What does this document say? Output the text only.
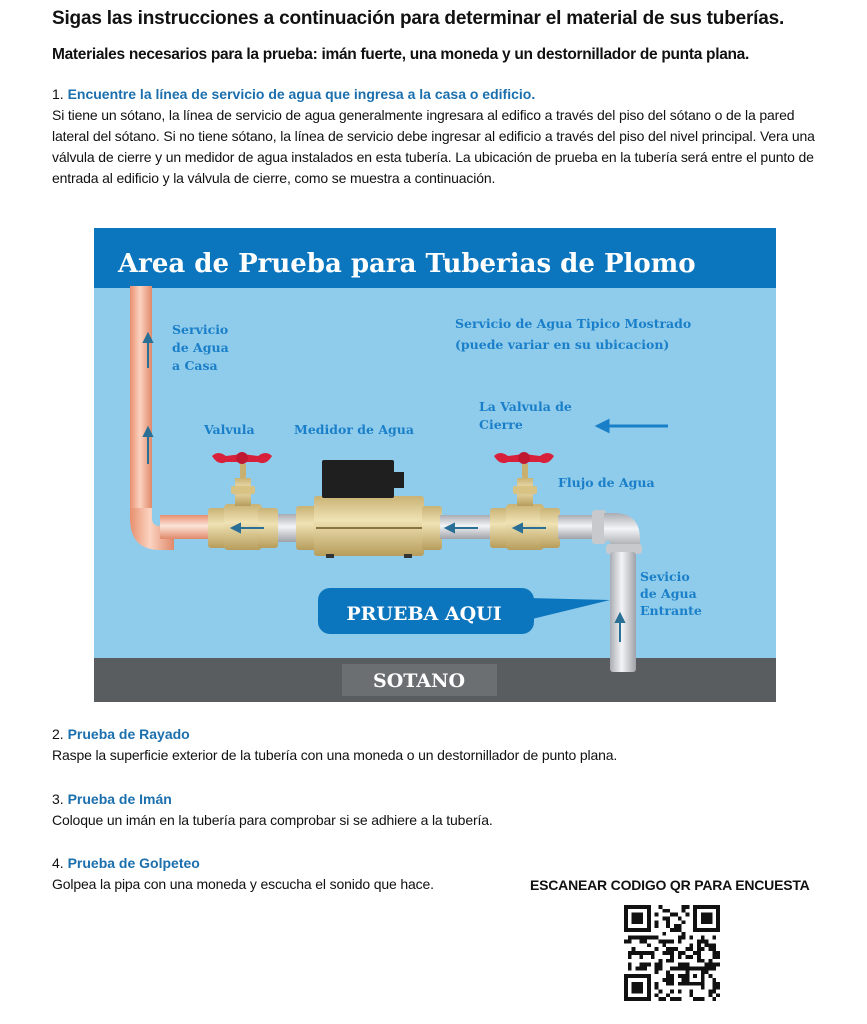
Sigas las instrucciones a continuación para determinar el material de sus tuberías.
Materiales necesarios para la prueba: imán fuerte, una moneda y un destornillador de punta plana.
1. Encuentre la línea de servicio de agua que ingresa a la casa o edificio.

Si tiene un sótano, la línea de servicio de agua generalmente ingresara al edifico a través del piso del sótano o de la pared lateral del sótano. Si no tiene sótano, la línea de servicio debe ingresar al edificio a través del piso del nivel principal. Vera una válvula de cierre y un medidor de agua instalados en esta tubería. La ubicación de prueba en la tubería será entre el punto de entrada al edificio y la válvula de cierre, como se muestra a continuación.

Area de Prueba para Tuberias de Plomo
SOTANO
PRUEBA AQUI
Servicio de Agua a Casa
Valvula	Medidor de Agua
Servicio de Agua Tipico Mostrado (puede variar en su ubicacion)
La Valvula de Cierre
Flujo de Agua
Sevicio de Agua Entrante
2. Prueba de Rayado

Raspe la superficie exterior de la tubería con una moneda o un destornillador de punto plana.

3. Prueba de Imán

Coloque un imán en la tubería para comprobar si se adhiere a la tubería.

4. Prueba de Golpeteo

Golpea la pipa con una moneda y escucha el sonido que hace.	ESCANEAR CODIGO QR PARA ENCUESTA
